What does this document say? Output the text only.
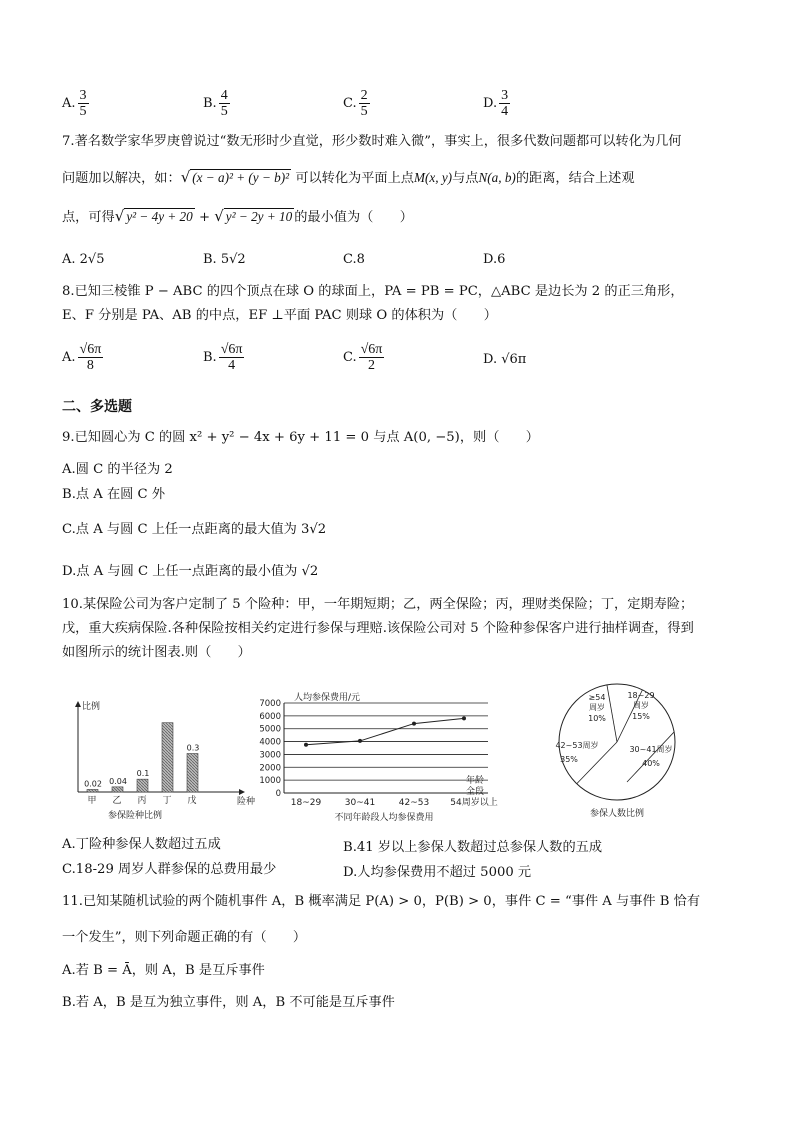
A. $\frac{3}{5}$	B. $\frac{4}{5}$	C. $\frac{2}{5}$	D. $\frac{3}{4}$
7.著名数学家华罗庚曾说过“数无形时少直觉，形少数时难入微”，事实上，很多代数问题都可以转化为几何
问题加以解决，如：√ (x − a)² + (y − b)² 可以转化为平面上点M(x, y)与点N(a, b)的距离，结合上述观
点，可得√ y² − 4y + 20 + √ y² − 2y + 10 的最小值为（　　）
A. 2√5	B. 5√2	C.8	D.6
8.已知三棱锥 P − ABC 的四个顶点在球 O 的球面上，PA = PB = PC，△ABC 是边长为 2 的正三角形，
E、F 分别是 PA、AB 的中点，EF ⊥平面 PAC 则球 O 的体积为（　　）
A. $\frac{√6\pi}{8}$	B. $\frac{√6\pi}{4}$	C. $\frac{√6\pi}{2}$	D. √6π
二、多选题
9.已知圆心为 C 的圆 x² + y² − 4x + 6y + 11 = 0 与点 A(0, −5)，则（　　）
A.圆 C 的半径为 2
B.点 A 在圆 C 外
C.点 A 与圆 C 上任一点距离的最大值为 3√2
D.点 A 与圆 C 上任一点距离的最小值为 √2
10.某保险公司为客户定制了 5 个险种：甲，一年期短期；乙，两全保险；丙，理财类保险；丁，定期寿险；
戊，重大疾病保险.各种保险按相关约定进行参保与理赔.该保险公司对 5 个险种参保客户进行抽样调查，得到
如图所示的统计图表.则（　　）
比例
险种
参保险种比例
甲
0.02
乙
0.04
丙
0.1
丁 戊
0.3
0
1000
2000
3000
4000
5000
6000
7000
人均参保费用/元
年龄
全段
18~29	30~41	42~53 54周岁以上
不同年龄段人均参保费用
≥54
周岁
10%
18~29
周岁
15%
30~41周岁
40%
42~53周岁
35%
参保人数比例
A.丁险种参保人数超过五成	B.41 岁以上参保人数超过总参保人数的五成
C.18-29 周岁人群参保的总费用最少	D.人均参保费用不超过 5000 元
11.已知某随机试验的两个随机事件 A，B 概率满足 P(A) > 0，P(B) > 0，事件 C = “事件 A 与事件 B 恰有
一个发生”，则下列命题正确的有（　　）
A.若 B = Ā，则 A，B 是互斥事件
B.若 A，B 是互为独立事件，则 A，B 不可能是互斥事件
